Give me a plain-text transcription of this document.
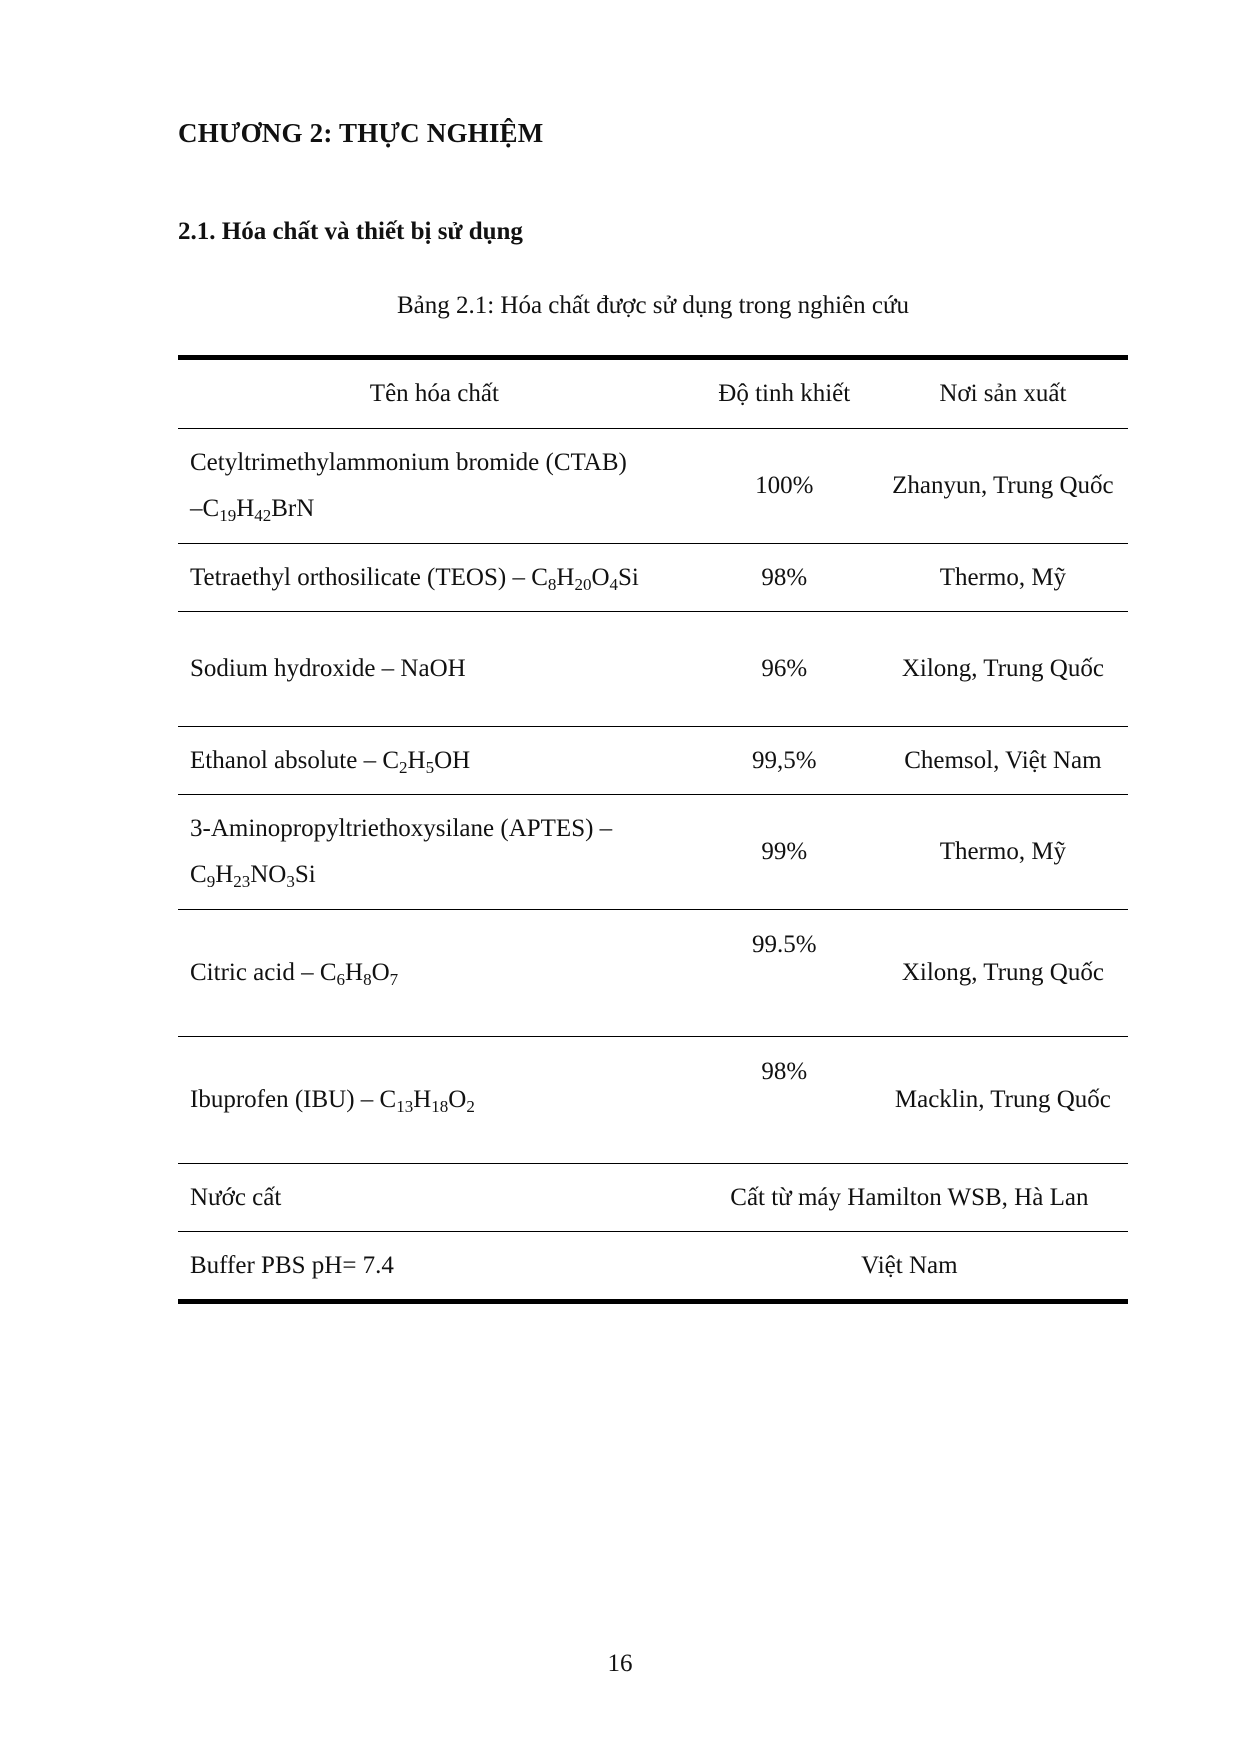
CHƯƠNG 2: THỰC NGHIỆM
2.1. Hóa chất và thiết bị sử dụng
Bảng 2.1: Hóa chất được sử dụng trong nghiên cứu
Tên hóa chất	Độ tinh khiết	Nơi sản xuất
Cetyltrimethylammonium bromide (CTAB)
$-C_{19}H_{42}BrN$	100%	Zhanyun, Trung Quốc
Tetraethyl orthosilicate (TEOS) – $C_8H_{20}O_4Si$	98%	Thermo, Mỹ
Sodium hydroxide – NaOH	96%	Xilong, Trung Quốc
Ethanol absolute – $C_2H_5OH$	99,5%	Chemsol, Việt Nam
3-Aminopropyltriethoxysilane (APTES) –
$C_9H_{23}NO_3Si$	99%	Thermo, Mỹ
Citric acid – $C_6H_8O_7$	99.5%	Xilong, Trung Quốc
Ibuprofen $(IBU) - C_{13}H_{18}O_2$	98%	Macklin, Trung Quốc
Nước cất	Cất từ máy Hamilton WSB, Hà Lan	
Buffer PBS pH= 7.4	Việt Nam	
16
